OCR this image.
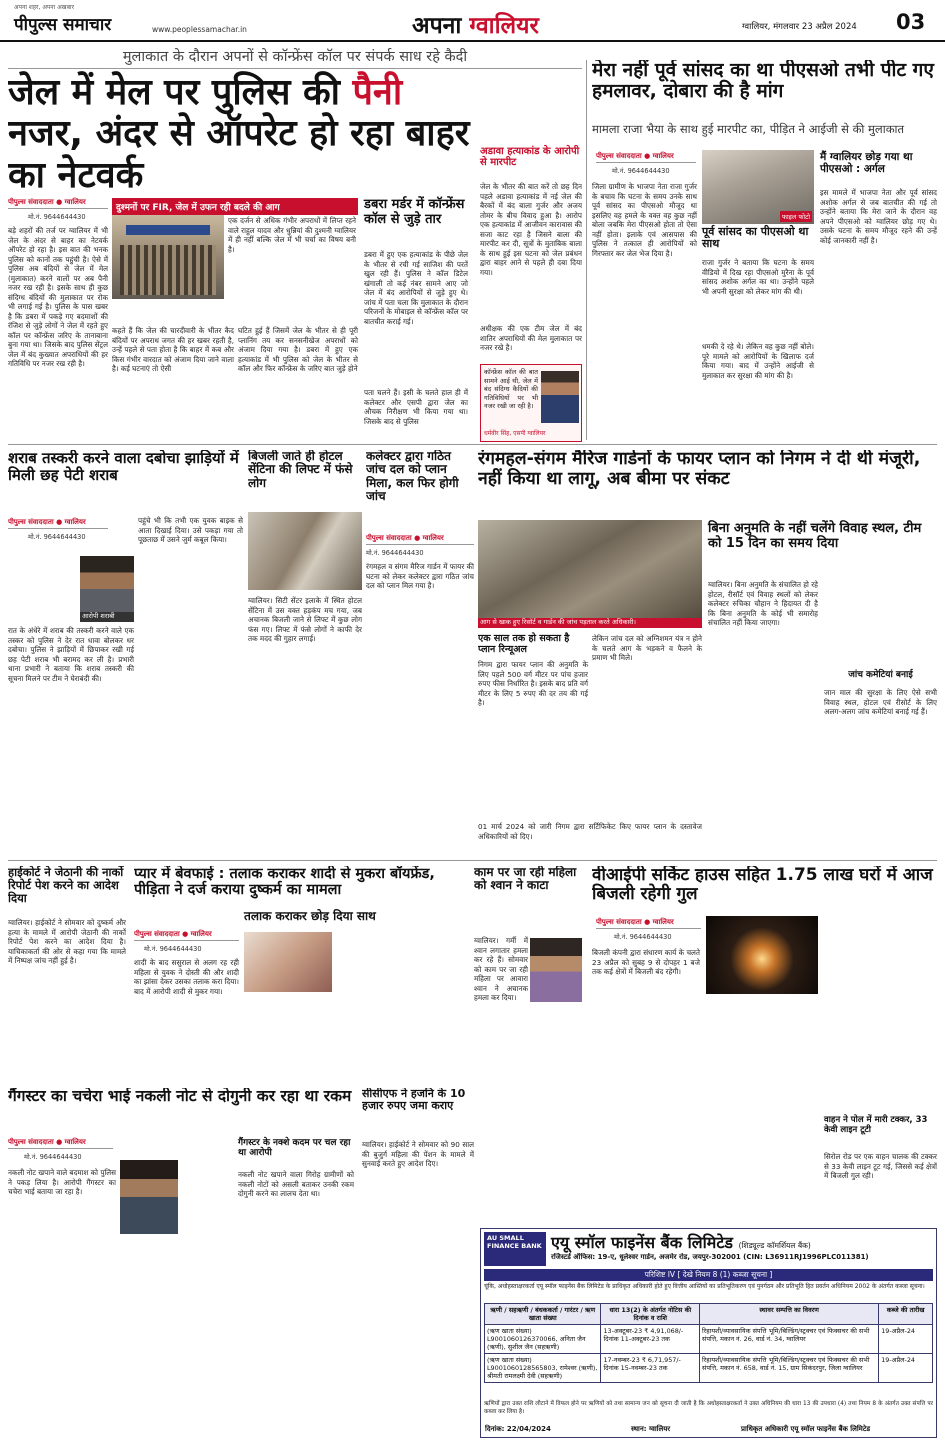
पीपुल्स समाचार
अपना शहर, अपना अखबार
www.peoplessamachar.in	अपना ग्वालियर	ग्वालियर, मंगलवार 23 अप्रैल 2024 03
मुलाकात के दौरान अपनों से कॉन्फ्रेंस कॉल पर संपर्क साध रहे कैदी
जेल में मेल पर पुलिस की पैनी नजर, अंदर से ऑपरेट हो रहा बाहर का नेटवर्क
पीपुल्स संवाददाता ● ग्वालियर
मो.नं. 9644644430
बड़े शहरों की तर्ज पर ग्वालियर में भी जेल के अंदर से बाहर का नेटवर्क ऑपरेट हो रहा है। इस बात की भनक पुलिस को कानों तक पहुंची है। ऐसे में पुलिस अब बंदियों से जेल में मेल (मुलाकात) करने वालों पर अब पैनी नजर रख रही है। इसके साथ ही कुछ संदिग्ध बंदियों की मुलाकात पर रोक भी लगाई गई है। पुलिस के पास खबर है कि डबरा में पकड़े गए बदमाशों की रंजिश से जुड़े लोगों ने जेल में रहते हुए कॉल पर कॉन्फ्रेंस जरिए के तानाबाना बुना गया था। जिसके बाद पुलिस सेंट्रल जेल में बंद कुख्यात अपराधियों की हर गतिविधि पर नजर रख रही है।
दुश्मनों पर FIR, जेल में उफन रही बदले की आग
एक दर्जन से अधिक गंभीर अपराधों में लिप्त रहने वाले राहुल यादव और धुन्नियां की दुश्मनी ग्वालियर में ही नहीं बल्कि जेल में भी चर्चा का विषय बनी है।
कहते हैं कि जेल की चारदीवारी के भीतर कैद बंदियों पर अपराध जगत की हर खबर रहती है, उन्हें पहले से पता होता है कि बाहर में कब और किस गंभीर वारदात को अंजाम दिया जाने वाला है। कई घटनाएं तो ऐसी
घटित हुई हैं जिसमें जेल के भीतर से ही पूरी प्लानिंग तय कर सनसनीखेज अपराधों को अंजाम दिया गया है। डबरा में हुए एक हत्याकांड में भी पुलिस को जेल के भीतर से कॉल और फिर कॉन्फ्रेंस के जरिए बात जुड़े होने
डबरा मर्डर में कॉन्फ्रेंस कॉल से जुड़े तार
डबरा में हुए एक हत्याकांड के पीछे जेल के भीतर से रची गई साजिश की परतें खुल रही हैं। पुलिस ने कॉल डिटेल खंगाली तो कई नंबर सामने आए जो जेल में बंद आरोपियों से जुड़े हुए थे। जांच में पता चला कि मुलाकात के दौरान परिजनों के मोबाइल से कॉन्फ्रेंस कॉल पर बातचीत कराई गई।
पता चलने हैं। इसी के चलते हाल ही में कलेक्टर और एसपी द्वारा जेल का औचक निरीक्षण भी किया गया था। जिसके बाद से पुलिस
अडावा हत्याकांड के आरोपी से मारपीट
जेल के भीतर की बात करें तो छह दिन पहले अडावा हत्याकांड में नई जेल की बैरकों में बंद बाला गुर्जर और अजय तोमर के बीच विवाद हुआ है। आरोप एक हत्याकांड में आजीवन कारावास की सजा काट रहा है जिसने बाला की मारपीट कर दी, सूत्रों के मुताबिक बाला के साथ हुई इस घटना को जेल प्रबंधन द्वारा बाहर आने से पहले ही दबा दिया गया।
अधीक्षक की एक टीम जेल में बंद शातिर अपराधियों की मेल मुलाकात पर नजर रखे है।
कॉन्फ्रेंस कॉल की बात सामने आई थी, जेल में बंद संदिग्ध कैदियों की गतिविधियों पर भी नजर रखी जा रही है।
धर्मवीर सिंह, एसपी ग्वालियर
मेरा नहीं पूर्व सांसद का था पीएसओ तभी पीट गए हमलावर, दोबारा की है मांग
मामला राजा भैया के साथ हुई मारपीट का, पीड़ित ने आईजी से की मुलाकात
पीपुल्स संवाददाता ● ग्वालियर
मो.नं. 9644644430
जिला ग्रामीण के भाजपा नेता राजा गुर्जर के बचाव कि घटना के समय उनके साथ पूर्व सांसद का पीएसओ मौजूद था इसलिए वह हमले के वक्त वह कुछ नहीं बोला जबकि मेरा पीएसओ होता तो ऐसा नहीं होता। इलाके एवं आसपास की पुलिस ने तत्काल ही आरोपियों को गिरफ्तार कर जेल भेज दिया है।
फाइल फोटो
पूर्व सांसद का पीएसओ था साथ
राजा गुर्जर ने बताया कि घटना के समय वीडियो में दिख रहा पीएसओ मुरैना के पूर्व सांसद अशोक अर्गल का था। उन्होंने पहले भी अपनी सुरक्षा को लेकर मांग की थी।
धमकी दे रहे थे। लेकिन वह कुछ नहीं बोले। पूरे मामले को आरोपियों के खिलाफ दर्ज किया गया। बाद में उन्होंने आईजी से मुलाकात कर सुरक्षा की मांग की है।
मैं ग्वालियर छोड़ गया था पीएसओ : अर्गल
इस मामले में भाजपा नेता और पूर्व सांसद अशोक अर्गल से जब बातचीत की गई तो उन्होंने बताया कि मेरा जाने के दौरान वह अपने पीएसओ को ग्वालियर छोड़ गए थे। उसके घटना के समय मौजूद रहने की उन्हें कोई जानकारी नहीं है।
शराब तस्करी करने वाला दबोचा झाड़ियों में मिली छह पेटी शराब
पीपुल्स संवाददाता ● ग्वालियर
मो.नं. 9644644430
आरोपी शराबी
रात के अंधेरे में शराब की तस्करी करने वाले एक तस्कर को पुलिस ने देर रात धावा बोलकर धर दबोचा। पुलिस ने झाड़ियों में छिपाकर रखी गई छह पेटी शराब भी बरामद कर ली है। प्रभारी थाना प्रभारी ने बताया कि शराब तस्करी की सूचना मिलने पर टीम ने घेराबंदी की।
पहुंचे भी कि तभी एक युवक बाइक से आता दिखाई दिया। उसे पकड़ा गया तो पूछताछ में उसने जुर्म कबूल किया।
बिजली जाते ही होटल सेंटिना की लिफ्ट में फंसे लोग
ग्वालियर। सिटी सेंटर इलाके में स्थित होटल सेंटिना में उस वक्त हड़कंप मच गया, जब अचानक बिजली जाने से लिफ्ट में कुछ लोग फंस गए। लिफ्ट में फंसे लोगों ने काफी देर तक मदद की गुहार लगाई।
कलेक्टर द्वारा गठित जांच दल को प्लान मिला, कल फिर होगी जांच
पीपुल्स संवाददाता ● ग्वालियर
मो.नं. 9644644430
रंगमहल व संगम मैरिज गार्डन में फायर की घटना को लेकर कलेक्टर द्वारा गठित जांच दल को प्लान मिल गया है।
रंगमहल-संगम मैरिज गार्डनों के फायर प्लान को निगम ने दी थी मंजूरी, नहीं किया था लागू, अब बीमा पर संकट
आग से खाक हुए रिसॉर्ट व गार्डन की जांच पड़ताल करते अधिकारी।
एक साल तक हो सकता है प्लान रिन्यूअल
निगम द्वारा फायर प्लान की अनुमति के लिए पहले 500 वर्ग मीटर पर पांच हजार रुपए फीस निर्धारित है। इसके बाद प्रति वर्ग मीटर के लिए 5 रुपए की दर तय की गई है।
लेकिन जांच दल को अग्निशमन यंत्र न होने के चलते आग के भड़कने व फैलने के प्रमाण भी मिले।
01 मार्च 2024 को जारी निगम द्वारा सर्टिफिकेट किए फायर प्लान के दस्तावेज अधिकारियों को दिए।
बिना अनुमति के नहीं चलेंगे विवाह स्थल, टीम को 15 दिन का समय दिया
ग्वालियर। बिना अनुमति के संचालित हो रहे होटल, रीसॉर्ट एवं विवाह स्थलों को लेकर कलेक्टर रुचिका चौहान ने हिदायत दी है कि बिना अनुमति के कोई भी समारोह संचालित नहीं किया जाएगा।
जांच कमेटियां बनाई
जान माल की सुरक्षा के लिए ऐसे सभी विवाह स्थल, होटल एवं रीसोर्ट के लिए अलग-अलग जांच कमेटियां बनाई गई हैं।
हाईकोर्ट ने जेठानी की नार्को रिपोर्ट पेश करने का आदेश दिया
ग्वालियर। हाईकोर्ट ने सोमवार को दुष्कर्म और हत्या के मामले में आरोपी जेठानी की नार्को रिपोर्ट पेश करने का आदेश दिया है। याचिकाकर्ता की ओर से कहा गया कि मामले में निष्पक्ष जांच नहीं हुई है।
प्यार में बेवफाई : तलाक कराकर शादी से मुकरा बॉयफ्रेंड, पीड़िता ने दर्ज कराया दुष्कर्म का मामला
तलाक कराकर छोड़ दिया साथ
पीपुल्स संवाददाता ● ग्वालियर
मो.नं. 9644644430
शादी के बाद ससुराल से अलग रह रही महिला से युवक ने दोस्ती की और शादी का झांसा देकर उसका तलाक करा दिया। बाद में आरोपी शादी से मुकर गया।
काम पर जा रही महिला को श्वान ने काटा
ग्वालियर। गर्मी में श्वान लगातार हमला कर रहे हैं। सोमवार को काम पर जा रही महिला पर आवारा श्वान ने अचानक हमला कर दिया।
वीआईपी सर्किट हाउस सहित 1.75 लाख घरों में आज बिजली रहेगी गुल
पीपुल्स संवाददाता ● ग्वालियर
मो.नं. 9644644430
बिजली कंपनी द्वारा संधारण कार्य के चलते 23 अप्रैल को सुबह 9 से दोपहर 1 बजे तक कई क्षेत्रों में बिजली बंद रहेगी।
सिरोल रोड पर एक वाहन चालक की टक्कर से 33 केवी लाइन टूट गई, जिससे कई क्षेत्रों में बिजली गुल रही।
वाहन ने पोल में मारी टक्कर, 33 केवी लाइन टूटी
गैंगस्टर का चचेरा भाई नकली नोट से दोगुनी कर रहा था रकम
पीपुल्स संवाददाता ● ग्वालियर
मो.नं. 9644644430
नकली नोट खपाने वाले बदमाश को पुलिस ने पकड़ लिया है। आरोपी गैंगस्टर का चचेरा भाई बताया जा रहा है।
गैंगस्टर के नक्शे कदम पर चल रहा था आरोपी
नकली नोट खपाने वाला गिरोह ग्रामीणों को नकली नोटों को असली बताकर उनकी रकम दोगुनी करने का लालच देता था।
सीसीएफ ने हजनि के 10 हजार रुपए जमा कराए
ग्वालियर। हाईकोर्ट ने सोमवार को 90 साल की बुजुर्ग महिला की पेंशन के मामले में सुनवाई करते हुए आदेश दिए।
AU SMALL FINANCE BANK एयू स्मॉल फाइनेंस बैंक लिमिटेड (शिड्यूल्ड कॉमर्शियल बैंक)
रजिस्टर्ड ऑफिस: 19-ए, धूलेश्वर गार्डन, अजमेर रोड, जयपुर-302001 (CIN: L36911RJ1996PLC011381)
परिशिष्ट IV [ देखे नियम 8 (1) कब्जा सूचना ]
चूंकि, अधोहस्ताक्षरकर्ता एयू स्मॉल फाइनेंस बैंक लिमिटेड के प्राधिकृत अधिकारी होते हुए वित्तीय आस्तियों का प्रतिभूतिकरण एवं पुनर्गठन और प्रतिभूति हित प्रवर्तन अधिनियम 2002 के अंतर्गत कब्जा सूचना।
ऋणी / सहऋणी / बंधककर्ता / गारंटर / ऋण खाता संख्या	धारा 13(2) के अंतर्गत नोटिस की दिनांक व राशि	स्थावर सम्पत्ति का विवरण	कब्जे की तारीख
(ऋण खाता संख्या) L9001060126370066, अनिता जैन (ऋणी), सुशील जैन (सहऋणी)	13-अक्टूबर-23 ₹ 4,91,068/- दिनांक 11-अक्टूबर-23 तक	रिहायशी/व्यावसायिक संपत्ति भूमि/बिल्डिंग/स्ट्रक्चर एवं फिक्सचर की सभी संपत्ति, मकान नं. 26, वार्ड नं. 34, ग्वालियर	19-अप्रैल-24
(ऋण खाता संख्या) L9001060128565803, रामेश्वर (ऋणी), श्रीमती रामलक्ष्मी देवी (सहऋणी)	17-नवम्बर-23 ₹ 6,71,957/- दिनांक 15-नवम्बर-23 तक	रिहायशी/व्यावसायिक संपत्ति भूमि/बिल्डिंग/स्ट्रक्चर एवं फिक्सचर की सभी संपत्ति, मकान नं. 658, वार्ड नं. 15, ग्राम सिकंदरपुर, जिला ग्वालियर	19-अप्रैल-24
ऋणियों द्वारा उक्त राशि लौटाने में विफल होने पर ऋणियों को तथा सामान्य जन को सूचना दी जाती है कि अधोहस्ताक्षरकर्ता ने उक्त अधिनियम की धारा 13 की उपधारा (4) तथा नियम 8 के अंतर्गत उक्त संपत्ति पर कब्जा कर लिया है।
दिनांक: 22/04/2024	स्थान: ग्वालियर	प्राधिकृत अधिकारी एयू स्मॉल फाइनेंस बैंक लिमिटेड
